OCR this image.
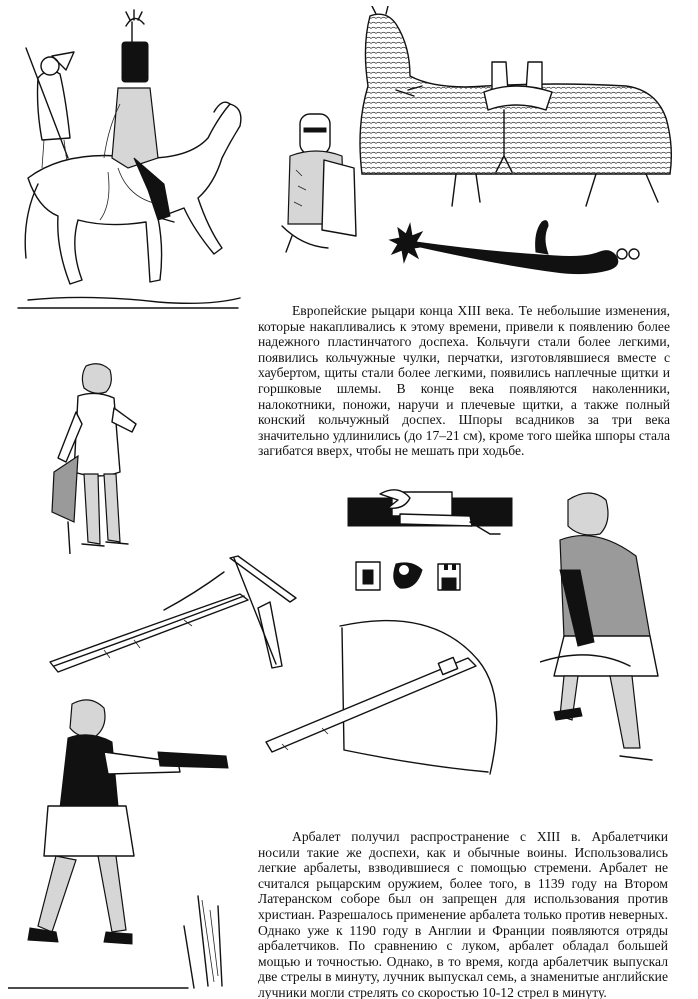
Европейские рыцари конца XIII века. Те небольшие изменения, которые накапливались к этому времени, привели к появлению более надежного пластинчатого доспеха. Кольчуги стали более легкими, появились кольчужные чулки, перчатки, изготовлявшиеся вместе с хаубертом, щиты стали более легкими, появились наплечные щитки и горшковые шлемы. В конце века появляются наколенники, налокотники, поножи, наручи и плечевые щитки, а также полный конский кольчужный доспех. Шпоры всадников за три века значительно удлинились (до 17–21 см), кроме того шейка шпоры стала загибатся вверх, чтобы не мешать при ходьбе.

Арбалет получил распространение с XIII в. Арбалетчики носили такие же доспехи, как и обычные воины. Использовались легкие арбалеты, взводившиеся с помощью стремени. Арбалет не считался рыцарским оружием, более того, в 1139 году на Втором Латеранском соборе был он запрещен для использования против христиан. Разрешалось применение арбалета только против неверных. Однако уже к 1190 году в Англии и Франции появляются отряды арбалетчиков. По сравнению с луком, арбалет обладал большей мощью и точностью. Однако, в то время, когда арбалетчик выпускал две стрелы в минуту, лучник выпускал семь, а знаменитые английские лучники могли стрелять со скоростью 10-12 стрел в минуту.
